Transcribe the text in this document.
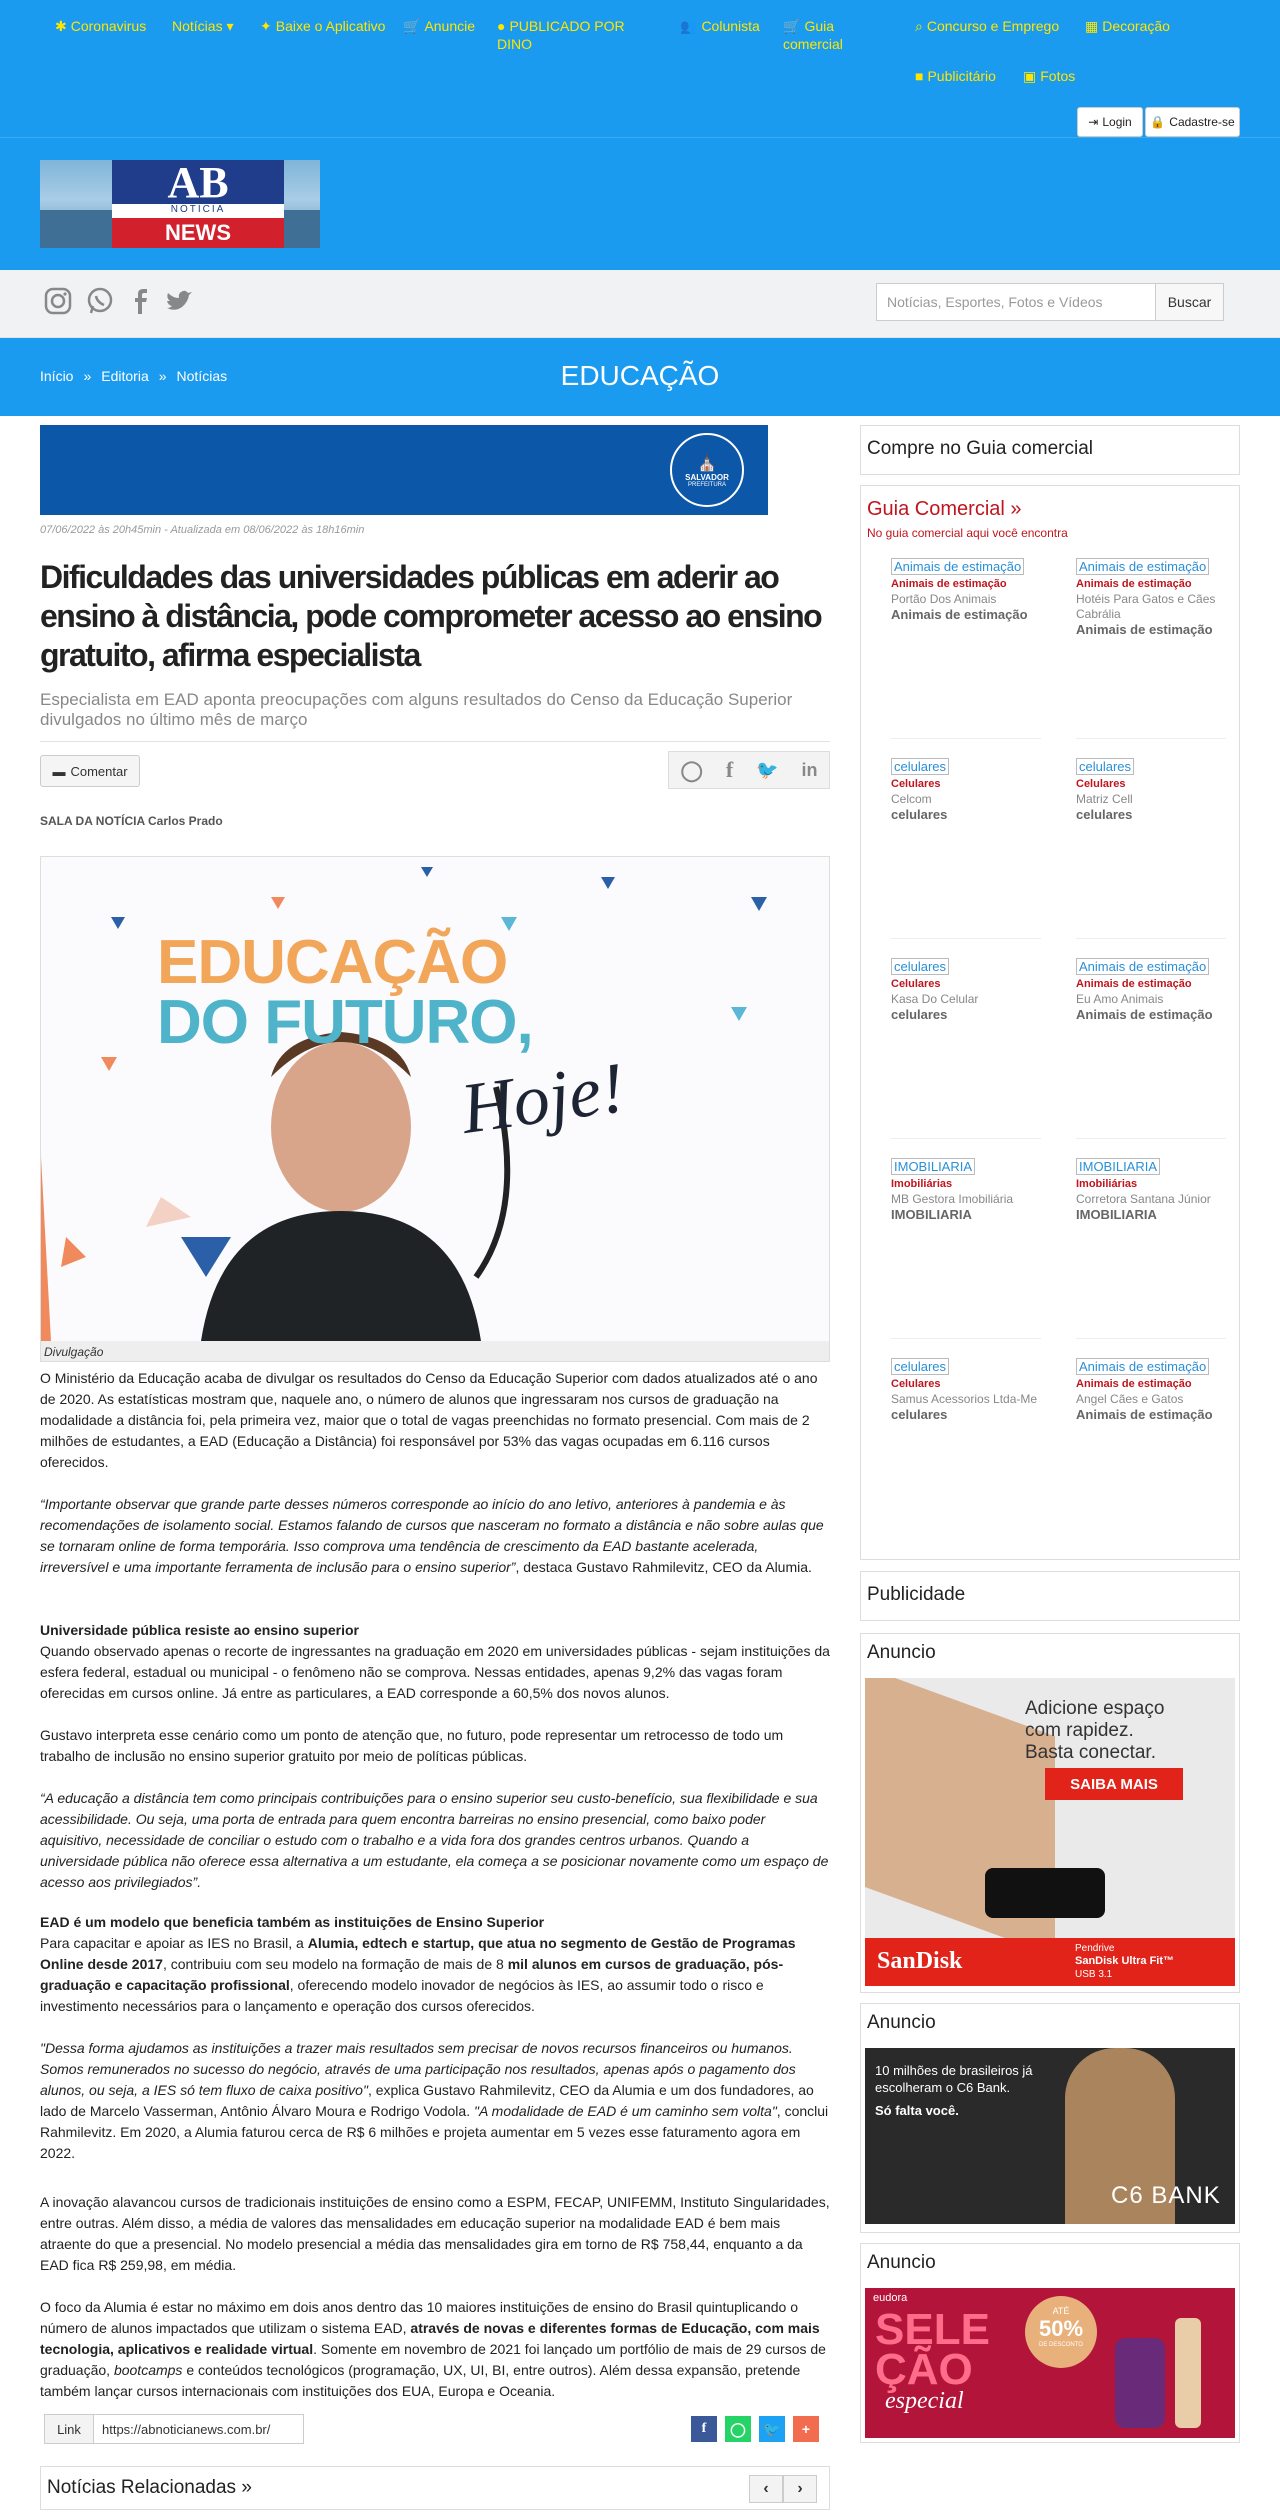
✱ Coronavirus Notícias ▾ ✦ Baixe o Aplicativo 🛒 Anuncie ● PUBLICADO POR DINO
👥 Colunista 🛒 Guia comercial
⌕ Concurso e Emprego ▦ Decoração
■ Publicitário ▣ Fotos
⇥ Login 🔒 Cadastre-se
AB
NOTÍCIA
NEWS
Notícias, Esportes, Fotos e Vídeos	Buscar
Início » Editoria » Notícias	EDUCAÇÃO
⛪
SALVADOR
PREFEITURA
07/06/2022 às 20h45min - Atualizada em 08/06/2022 às 18h16min
Dificuldades das universidades públicas em aderir ao ensino à distância, pode comprometer acesso ao ensino gratuito, afirma especialista
Especialista em EAD aponta preocupações com alguns resultados do Censo da Educação Superior divulgados no último mês de março
▬ Comentar	◯ f 🐦 in
SALA DA NOTÍCIA Carlos Prado
EDUCAÇÃO
DO FUTURO,
Hoje!
Divulgação

O Ministério da Educação acaba de divulgar os resultados do Censo da Educação Superior com dados atualizados até o ano de 2020. As estatísticas mostram que, naquele ano, o número de alunos que ingressaram nos cursos de graduação na modalidade a distância foi, pela primeira vez, maior que o total de vagas preenchidas no formato presencial. Com mais de 2 milhões de estudantes, a EAD (Educação a Distância) foi responsável por 53% das vagas ocupadas em 6.116 cursos oferecidos.

“Importante observar que grande parte desses números corresponde ao início do ano letivo, anteriores à pandemia e às recomendações de isolamento social. Estamos falando de cursos que nasceram no formato a distância e não sobre aulas que se tornaram online de forma temporária. Isso comprova uma tendência de crescimento da EAD bastante acelerada, irreversível e uma importante ferramenta de inclusão para o ensino superior”, destaca Gustavo Rahmilevitz, CEO da Alumia.

Universidade pública resiste ao ensino superior

Quando observado apenas o recorte de ingressantes na graduação em 2020 em universidades públicas - sejam instituições da esfera federal, estadual ou municipal - o fenômeno não se comprova. Nessas entidades, apenas 9,2% das vagas foram oferecidas em cursos online. Já entre as particulares, a EAD corresponde a 60,5% dos novos alunos.

Gustavo interpreta esse cenário como um ponto de atenção que, no futuro, pode representar um retrocesso de todo um trabalho de inclusão no ensino superior gratuito por meio de políticas públicas.

“A educação a distância tem como principais contribuições para o ensino superior seu custo-benefício, sua flexibilidade e sua acessibilidade. Ou seja, uma porta de entrada para quem encontra barreiras no ensino presencial, como baixo poder aquisitivo, necessidade de conciliar o estudo com o trabalho e a vida fora dos grandes centros urbanos. Quando a universidade pública não oferece essa alternativa a um estudante, ela começa a se posicionar novamente como um espaço de acesso aos privilegiados”.

EAD é um modelo que beneficia também as instituições de Ensino Superior

Para capacitar e apoiar as IES no Brasil, a Alumia, edtech e startup, que atua no segmento de Gestão de Programas Online desde 2017, contribuiu com seu modelo na formação de mais de 8 mil alunos em cursos de graduação, pós-graduação e capacitação profissional, oferecendo modelo inovador de negócios às IES, ao assumir todo o risco e investimento necessários para o lançamento e operação dos cursos oferecidos.

"Dessa forma ajudamos as instituições a trazer mais resultados sem precisar de novos recursos financeiros ou humanos. Somos remunerados no sucesso do negócio, através de uma participação nos resultados, apenas após o pagamento dos alunos, ou seja, a IES só tem fluxo de caixa positivo", explica Gustavo Rahmilevitz, CEO da Alumia e um dos fundadores, ao lado de Marcelo Vasserman, Antônio Álvaro Moura e Rodrigo Vodola. "A modalidade de EAD é um caminho sem volta", conclui Rahmilevitz. Em 2020, a Alumia faturou cerca de R$ 6 milhões e projeta aumentar em 5 vezes esse faturamento agora em 2022.

A inovação alavancou cursos de tradicionais instituições de ensino como a ESPM, FECAP, UNIFEMM, Instituto Singularidades, entre outras. Além disso, a média de valores das mensalidades em educação superior na modalidade EAD é bem mais atraente do que a presencial. No modelo presencial a média das mensalidades gira em torno de R$ 758,44, enquanto a da EAD fica R$ 259,98, em média.

O foco da Alumia é estar no máximo em dois anos dentro das 10 maiores instituições de ensino do Brasil quintuplicando o número de alunos impactados que utilizam o sistema EAD, através de novas e diferentes formas de Educação, com mais tecnologia, aplicativos e realidade virtual. Somente em novembro de 2021 foi lançado um portfólio de mais de 29 cursos de graduação, bootcamps e conteúdos tecnológicos (programação, UX, UI, BI, entre outros). Além dessa expansão, pretende também lançar cursos internacionais com instituições dos EUA, Europa e Oceania.

Link	https://abnoticianews.com.br/	f	◯	🐦	+
Notícias Relacionadas »	‹	›
Compre no Guia comercial
Guia Comercial »
No guia comercial aqui você encontra
Animais de estimação
Animais de estimação
Portão Dos Animais
Animais de estimação
Animais de estimação
Animais de estimação
Hotéis Para Gatos e Cães Cabrália
Animais de estimação
celulares
Celulares
Celcom
celulares
celulares
Celulares
Matriz Cell
celulares
celulares
Celulares
Kasa Do Celular
celulares
Animais de estimação
Animais de estimação
Eu Amo Animais
Animais de estimação
IMOBILIARIA
Imobiliárias
MB Gestora Imobiliária
IMOBILIARIA
IMOBILIARIA
Imobiliárias
Corretora Santana Júnior
IMOBILIARIA
celulares
Celulares
Samus Acessorios Ltda-Me
celulares
Animais de estimação
Animais de estimação
Angel Cães e Gatos
Animais de estimação
Publicidade
Anuncio
Adicione espaço
com rapidez.
Basta conectar.
SAIBA MAIS
SanDisk	Pendrive
SanDisk Ultra Fit™
USB 3.1
Anuncio
10 milhões de brasileiros já
escolheram o C6 Bank.
Só falta você.
C6 BANK
Anuncio
eudora
SELE
ÇÃO
especial
ATÉ
50%
DE DESCONTO
